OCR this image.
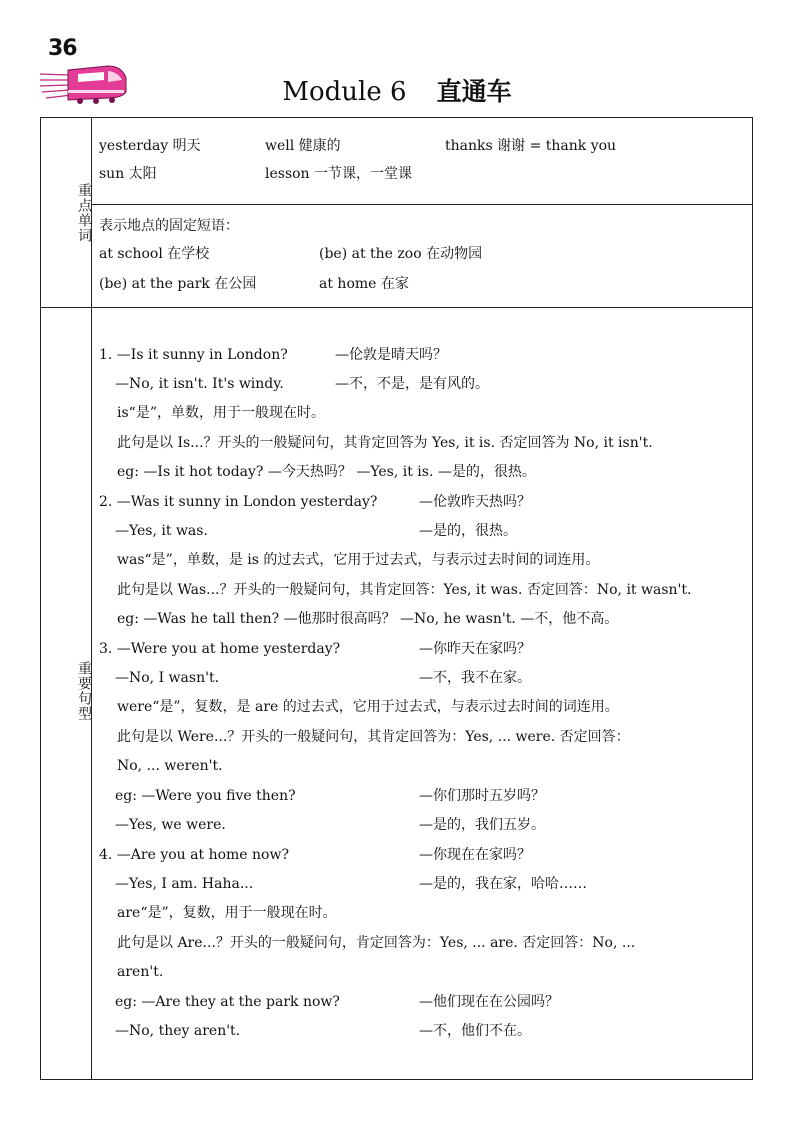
36
Module 6 直通车
重点单词
重要句型
yesterday 明天	well 健康的	thanks 谢谢 = thank you
sun 太阳	lesson 一节课，一堂课
表示地点的固定短语：
at school 在学校	(be) at the zoo 在动物园
(be) at the park 在公园	at home 在家
1. —Is it sunny in London?	—伦敦是晴天吗？
—No, it isn't. It's windy.	—不，不是，是有风的。
is“是”，单数，用于一般现在时。
此句是以 Is...？开头的一般疑问句，其肯定回答为 Yes, it is. 否定回答为 No, it isn't.
eg: —Is it hot today? —今天热吗？ —Yes, it is. —是的，很热。
2. —Was it sunny in London yesterday?	—伦敦昨天热吗？
—Yes, it was.	—是的，很热。
was“是”，单数，是 is 的过去式，它用于过去式，与表示过去时间的词连用。
此句是以 Was...？开头的一般疑问句，其肯定回答：Yes, it was. 否定回答：No, it wasn't.
eg: —Was he tall then? —他那时很高吗？ —No, he wasn't. —不，他不高。
3. —Were you at home yesterday?	—你昨天在家吗？
—No, I wasn't.	—不，我不在家。
were“是”，复数，是 are 的过去式，它用于过去式，与表示过去时间的词连用。
此句是以 Were...？开头的一般疑问句，其肯定回答为：Yes, ... were. 否定回答：
No, ... weren't.
eg: —Were you five then?	—你们那时五岁吗？
—Yes, we were.	—是的，我们五岁。
4. —Are you at home now?	—你现在在家吗？
—Yes, I am. Haha...	—是的，我在家，哈哈……
are“是”，复数，用于一般现在时。
此句是以 Are...？开头的一般疑问句，肯定回答为：Yes, ... are. 否定回答：No, ...
aren't.
eg: —Are they at the park now?	—他们现在在公园吗？
—No, they aren't.	—不，他们不在。
